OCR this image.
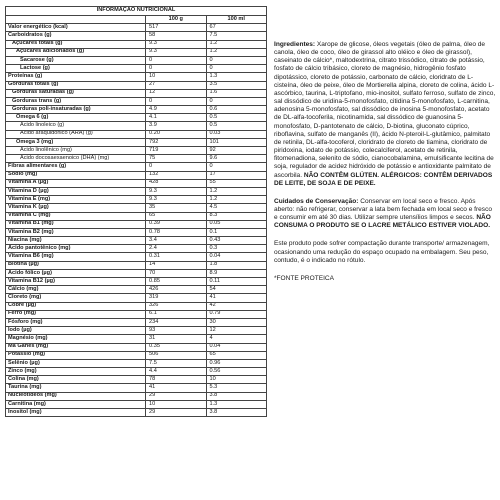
INFORMAÇÃO NUTRICIONAL		
	100 g	100 ml
Valor energético (kcal)	517	67
Carboidratos (g)	58	7.5
Açúcares totais (g)	9.3	1.2
Açúcares adicionados (g)	9.3	1.2
Sacarose (g)	0	0
Lactose (g)	0	0
Proteínas (g)	10	1.3
Gorduras totais (g)	27	3.5
Gorduras saturadas (g)	12	1.6
Gorduras trans (g)	0	0
Gorduras poli-insaturadas (g)	4.9	0.6
Ômega 6 (g)	4.1	0.5
Ácido linoleico (g)	3.9	0.5
Ácido araquidônico (ARA) (g)	0.20	0.03
Ômega 3 (mg)	792	101
Ácido linolênico (mg)	719	92
Ácido docosaexaenoico (DHA) (mg)	75	9.6
Fibras alimentares (g)	0	0
Sódio (mg)	132	17
Vitamina A (µg)	428	55
Vitamina D (µg)	9.3	1.2
Vitamina E (mg)	9.3	1.2
Vitamina K (µg)	35	4.5
Vitamina C (mg)	65	8.3
Vitamina B1 (mg)	0.39	0.05
Vitamina B2 (mg)	0.78	0.1
Niacina (mg)	3.4	0.43
Ácido pantotênico (mg)	2.4	0.3
Vitamina B6 (mg)	0.31	0.04
Biotina (µg)	14	1.8
Ácido fólico (µg)	70	8.9
Vitamina B12 (µg)	0.85	0.11
Cálcio (mg)	426	54
Cloreto (mg)	319	41
Cobre (µg)	326	42
Ferro (mg)	6.1	0.79
Fósforo (mg)	234	30
Iodo (µg)	93	12
Magnésio (mg)	31	4
Ma Ganês (mg)	0.35	0.04
Potássio (mg)	506	65
Selênio (µg)	7.5	0.96
Zinco (mg)	4.4	0.56
Colina (mg)	78	10
Taurina (mg)	41	5.3
Nucleotídeos (mg)	29	3.8
Carnitina (mg)	10	1.3
Inositol (mg)	29	3.8

Ingredientes: Xarope de glicose, óleos vegetais (óleo de palma, óleo de canola, óleo de coco, óleo de girassol alto oléico e óleo de girassol), caseinato de cálcio*, maltodextrina, citrato trissódico, citrato de potássio, fosfato de cálcio tribásico, cloreto de magnésio, hidrogênio fosfato dipotássico, cloreto de potássio, carbonato de cálcio, cloridrato de L-cisteína, óleo de peixe, óleo de Mortierella alpina, cloreto de colina, ácido L-ascórbico, taurina, L-triptofano, mio-inositol, sulfato ferroso, sulfato de zinco, sal dissódico de uridina-5-monofosfato, citidina 5-monofosfato, L-carnitina, adenosina 5-monofosfato, sal dissódico de inosina 5-monofosfato, acetato de DL-alfa-tocoferila, nicotinamida, sal dissódico de guanosina 5-monofosfato, D-pantotenato de cálcio, D-biotina, gluconato cúprico, riboflavina, sulfato de manganês (II), ácido N-pteroil-L-glutâmico, palmitato de retinila, DL-alfa-tocoferol, cloridrato de cloreto de tiamina, cloridrato de piridoxina, iodato de potássio, colecalciferol, acetato de retinila, fitomenadiona, selenito de sódio, cianocobalamina, emulsificante lecitina de soja, regulador de acidez hidróxido de potássio e antioxidante palmitato de ascorbila. NÃO CONTÊM GLÚTEN. ALÉRGICOS: CONTÊM DERIVADOS DE LEITE, DE SOJA E DE PEIXE.

Cuidados de Conservação: Conservar em local seco e fresco. Após aberto: não refrigerar, conservar a lata bem fechada em local seco e fresco e consumir em até 30 dias. Utilizar sempre utensílios limpos e secos. NÃO CONSUMA O PRODUTO SE O LACRE METÁLICO ESTIVER VIOLADO.

Este produto pode sofrer compactação durante transporte/ armazenagem, ocasionando uma redução do espaço ocupado na embalagem. Seu peso, contudo, é o indicado no rótulo.

*FONTE PROTEICA
